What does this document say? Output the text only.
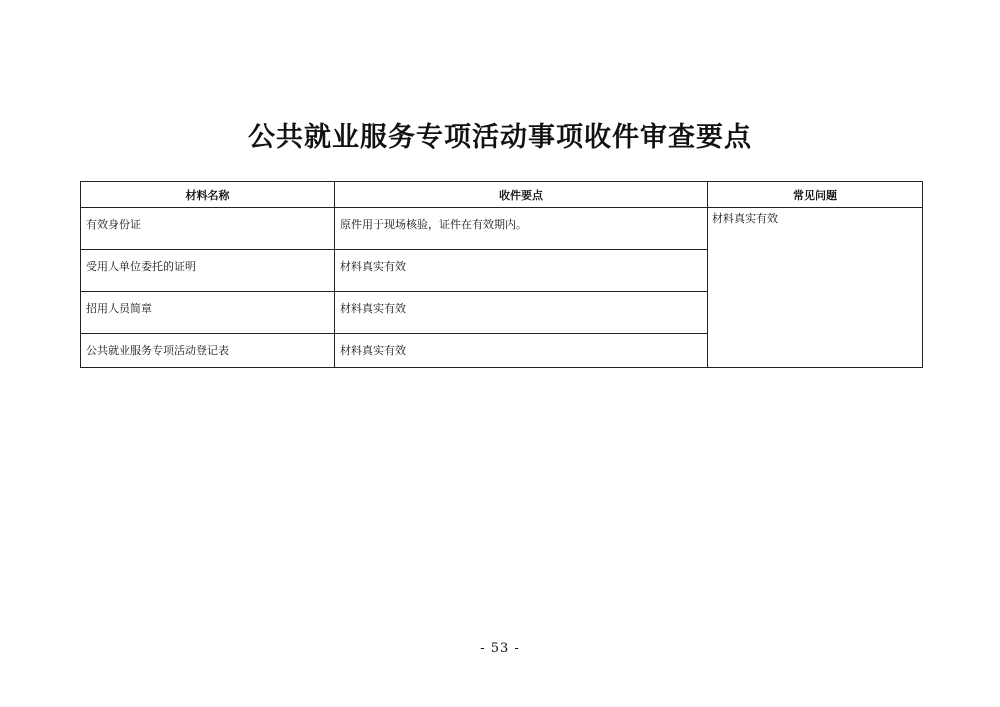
公共就业服务专项活动事项收件审查要点
材料名称	收件要点	常见问题
有效身份证	原件用于现场核验，证件在有效期内。	材料真实有效
受用人单位委托的证明	材料真实有效	
招用人员简章	材料真实有效	
公共就业服务专项活动登记表	材料真实有效	
- 53 -
